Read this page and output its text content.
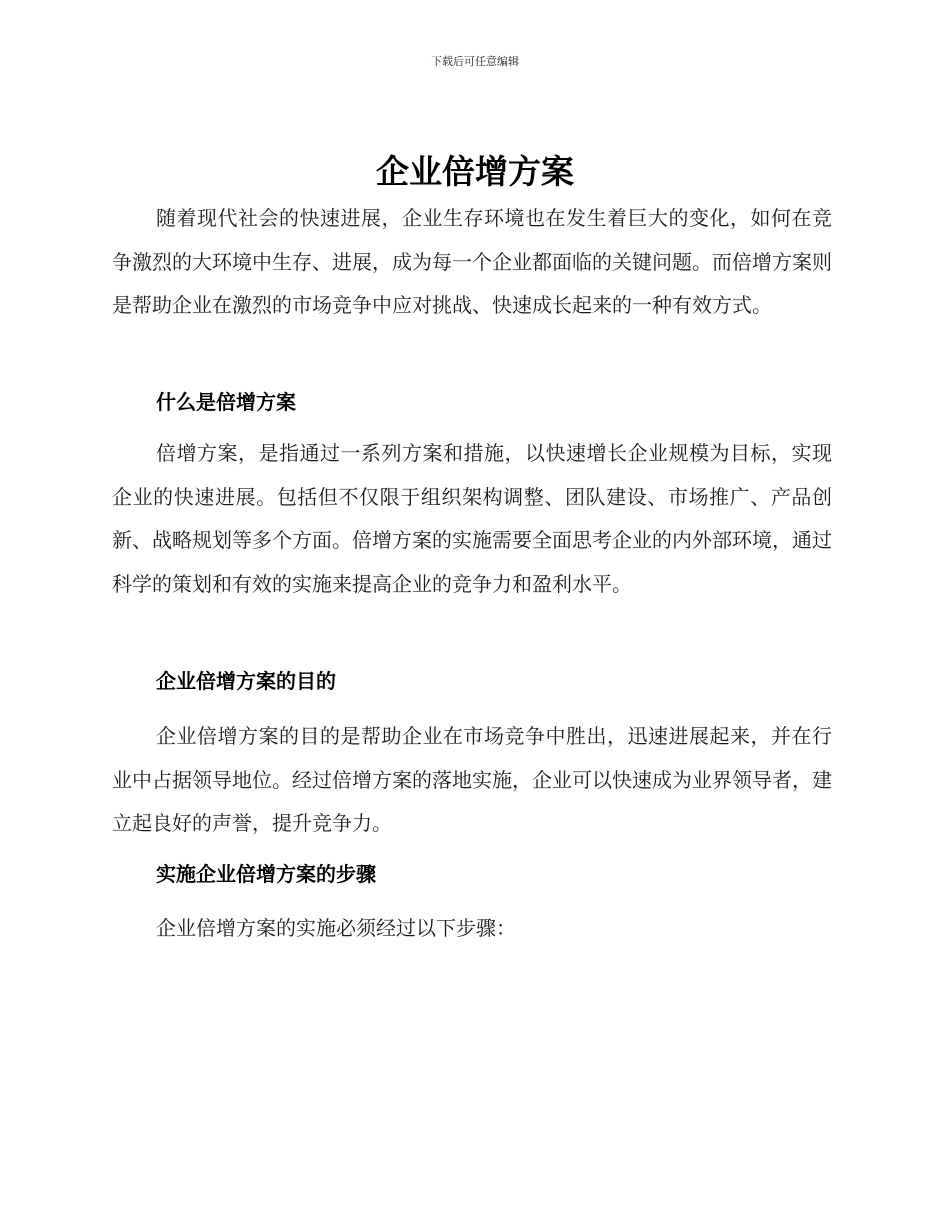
下载后可任意编辑
企业倍增方案

随着现代社会的快速进展，企业生存环境也在发生着巨大的变化，如何在竞争激烈的大环境中生存、进展，成为每一个企业都面临的关键问题。而倍增方案则是帮助企业在激烈的市场竞争中应对挑战、快速成长起来的一种有效方式。

什么是倍增方案

倍增方案，是指通过一系列方案和措施，以快速增长企业规模为目标，实现企业的快速进展。包括但不仅限于组织架构调整、团队建设、市场推广、产品创新、战略规划等多个方面。倍增方案的实施需要全面思考企业的内外部环境，通过科学的策划和有效的实施来提高企业的竞争力和盈利水平。

企业倍增方案的目的

企业倍增方案的目的是帮助企业在市场竞争中胜出，迅速进展起来，并在行业中占据领导地位。经过倍增方案的落地实施，企业可以快速成为业界领导者，建立起良好的声誉，提升竞争力。

实施企业倍增方案的步骤

企业倍增方案的实施必须经过以下步骤：
